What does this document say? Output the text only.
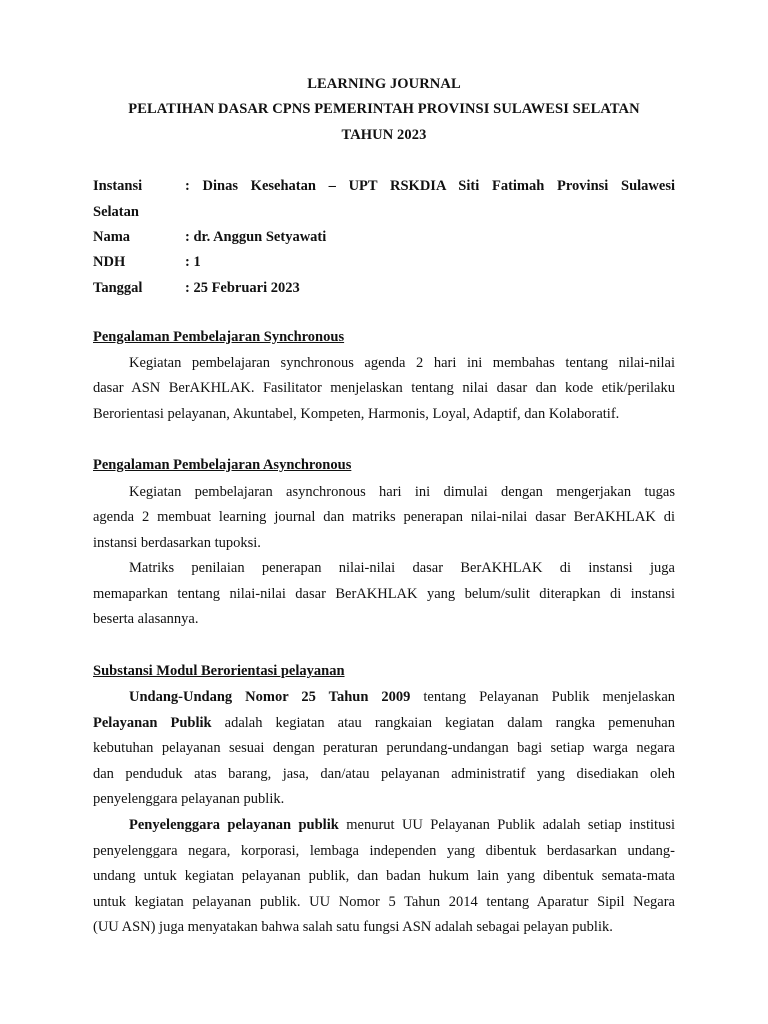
LEARNING JOURNAL
PELATIHAN DASAR CPNS PEMERINTAH PROVINSI SULAWESI SELATAN
TAHUN 2023
Instansi	: Dinas Kesehatan – UPT RSKDIA Siti Fatimah Provinsi Sulawesi
Selatan
Nama	: dr. Anggun Setyawati
NDH	: 1
Tanggal	: 25 Februari 2023
Pengalaman Pembelajaran Synchronous
Kegiatan pembelajaran synchronous agenda 2 hari ini membahas tentang nilai-nilai
dasar ASN BerAKHLAK. Fasilitator menjelaskan tentang nilai dasar dan kode etik/perilaku
Berorientasi pelayanan, Akuntabel, Kompeten, Harmonis, Loyal, Adaptif, dan Kolaboratif.
Pengalaman Pembelajaran Asynchronous
Kegiatan pembelajaran asynchronous hari ini dimulai dengan mengerjakan tugas
agenda 2 membuat learning journal dan matriks penerapan nilai-nilai dasar BerAKHLAK di
instansi berdasarkan tupoksi.
Matriks penilaian penerapan nilai-nilai dasar BerAKHLAK di instansi juga
memaparkan tentang nilai-nilai dasar BerAKHLAK yang belum/sulit diterapkan di instansi
beserta alasannya.
Substansi Modul Berorientasi pelayanan
Undang-Undang Nomor 25 Tahun 2009 tentang Pelayanan Publik menjelaskan
Pelayanan Publik adalah kegiatan atau rangkaian kegiatan dalam rangka pemenuhan
kebutuhan pelayanan sesuai dengan peraturan perundang-undangan bagi setiap warga negara
dan penduduk atas barang, jasa, dan/atau pelayanan administratif yang disediakan oleh
penyelenggara pelayanan publik.
Penyelenggara pelayanan publik menurut UU Pelayanan Publik adalah setiap institusi
penyelenggara negara, korporasi, lembaga independen yang dibentuk berdasarkan undang-
undang untuk kegiatan pelayanan publik, dan badan hukum lain yang dibentuk semata-mata
untuk kegiatan pelayanan publik. UU Nomor 5 Tahun 2014 tentang Aparatur Sipil Negara
(UU ASN) juga menyatakan bahwa salah satu fungsi ASN adalah sebagai pelayan publik.
